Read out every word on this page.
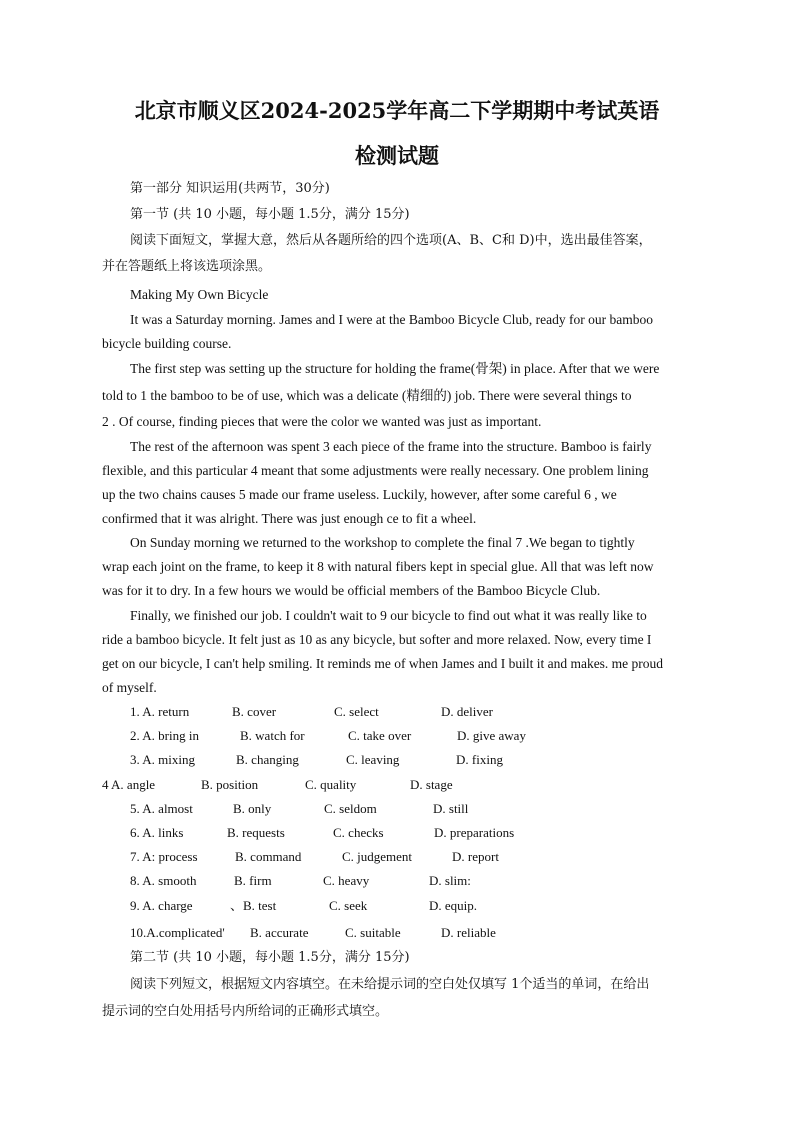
北京市顺义区2024-2025学年高二下学期期中考试英语
检测试题
第一部分 知识运用(共两节，30分)
第一节 (共 10 小题，每小题 1.5分，满分 15分)
阅读下面短文，掌握大意，然后从各题所给的四个选项(A、B、C和 D)中，选出最佳答案，
并在答题纸上将该选项涂黑。
Making My Own Bicycle
It was a Saturday morning. James and I were at the Bamboo Bicycle Club, ready for our bamboo
bicycle building course.
The first step was setting up the structure for holding the frame(骨架) in place. After that we were
told to 1 the bamboo to be of use, which was a delicate (精细的) job. There were several things to
2 . Of course, finding pieces that were the color we wanted was just as important.
The rest of the afternoon was spent 3 each piece of the frame into the structure. Bamboo is fairly
flexible, and this particular 4 meant that some adjustments were really necessary. One problem lining
up the two chains causes 5 made our frame useless. Luckily, however, after some careful 6 , we
confirmed that it was alright. There was just enough ce to fit a wheel.
On Sunday morning we returned to the workshop to complete the final 7 .We began to tightly
wrap each joint on the frame, to keep it 8 with natural fibers kept in special glue. All that was left now
was for it to dry. In a few hours we would be official members of the Bamboo Bicycle Club.
Finally, we finished our job. I couldn't wait to 9 our bicycle to find out what it was really like to
ride a bamboo bicycle. It felt just as 10 as any bicycle, but softer and more relaxed. Now, every time I
get on our bicycle, I can't help smiling. It reminds me of when James and I built it and makes. me proud
of myself.
1. A. return	B. cover	C. select	D. deliver
2. A. bring in	B. watch for	C. take over	D. give away
3. A. mixing	B. changing	C. leaving	D. fixing
4 A. angle	B. position	C. quality	D. stage
5. A. almost	B. only	C. seldom	D. still
6. A. links	B. requests	C. checks	D. preparations
7. A: process	B. command	C. judgement	D. report
8. A. smooth	B. firm	C. heavy	D. slim:
9. A. charge	、B. test	C. seek	D. equip.
10.A.complicated' B. accurate	C. suitable	D. reliable
第二节 (共 10 小题，每小题 1.5分，满分 15分)
阅读下列短文，根据短文内容填空。在未给提示词的空白处仅填写 1个适当的单词，在给出
提示词的空白处用括号内所给词的正确形式填空。
